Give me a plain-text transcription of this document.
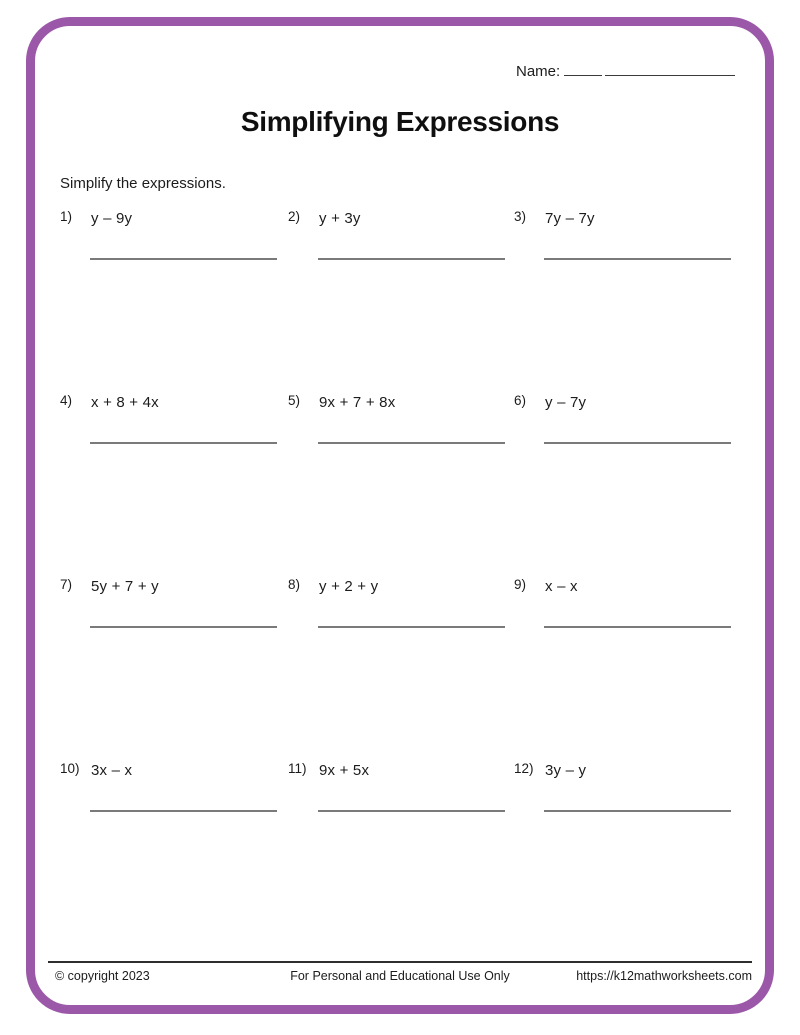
Name:
Simplifying Expressions
Simplify the expressions.
1) y – 9y	2) y + 3y	3) 7y – 7y
4) x + 8 + 4x	5) 9x + 7 + 8x	6) y – 7y
7) 5y + 7 + y	8) y + 2 + y	9) x – x
10) 3x – x	11) 9x + 5x	12) 3y – y
For Personal and Educational Use Only
© copyright 2023	https://k12mathworksheets.com
